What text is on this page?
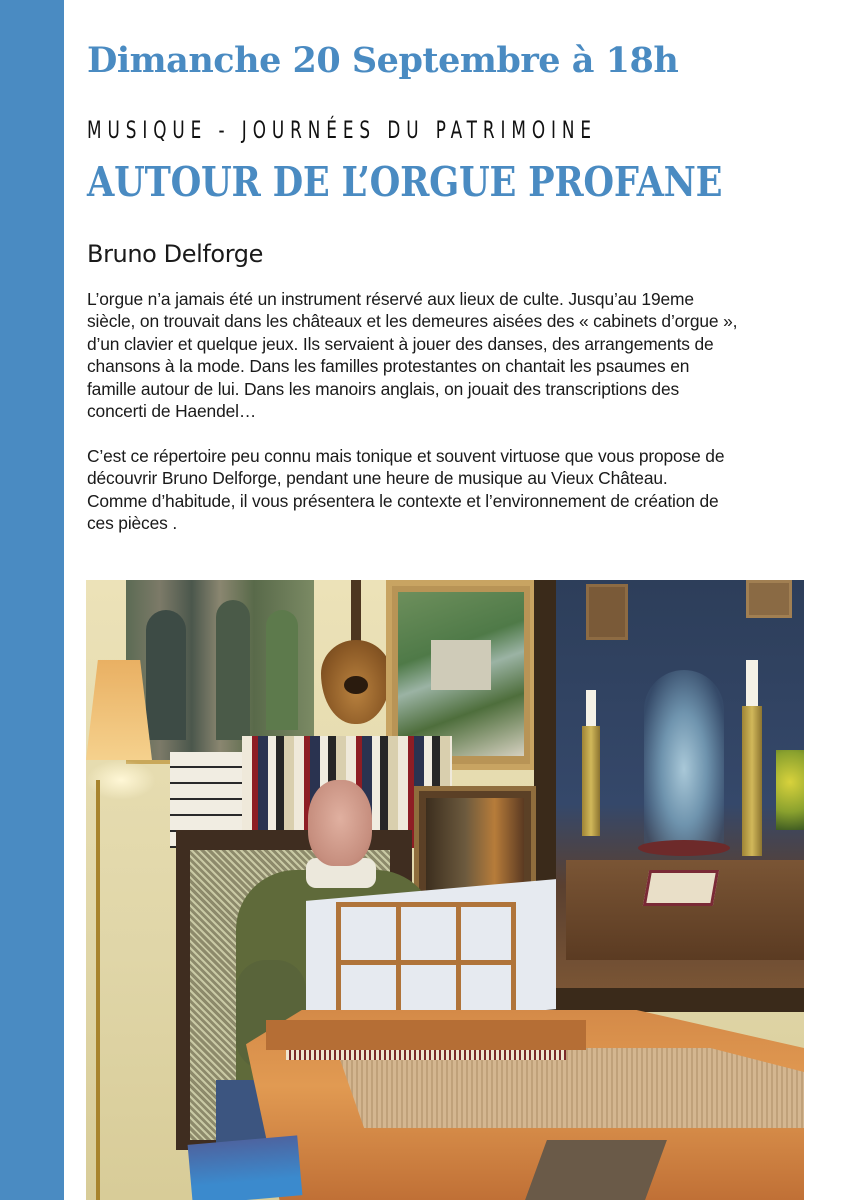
Dimanche 20 Septembre à 18h
MUSIQUE - JOURNÉES DU PATRIMOINE
AUTOUR DE L’ORGUE PROFANE
Bruno Delforge
L’orgue n’a jamais été un instrument réservé aux lieux de culte. Jusqu’au 19eme
siècle, on trouvait dans les châteaux et les demeures aisées des « cabinets d’orgue »,
d’un clavier et quelque jeux. Ils servaient à jouer des danses, des arrangements de
chansons à la mode. Dans les familles protestantes on chantait les psaumes en
famille autour de lui. Dans les manoirs anglais, on jouait des transcriptions des
concerti de Haendel…
C’est ce répertoire peu connu mais tonique et souvent virtuose que vous propose de
découvrir Bruno Delforge, pendant une heure de musique au Vieux Château.
Comme d’habitude, il vous présentera le contexte et l’environnement de création de
ces pièces .
